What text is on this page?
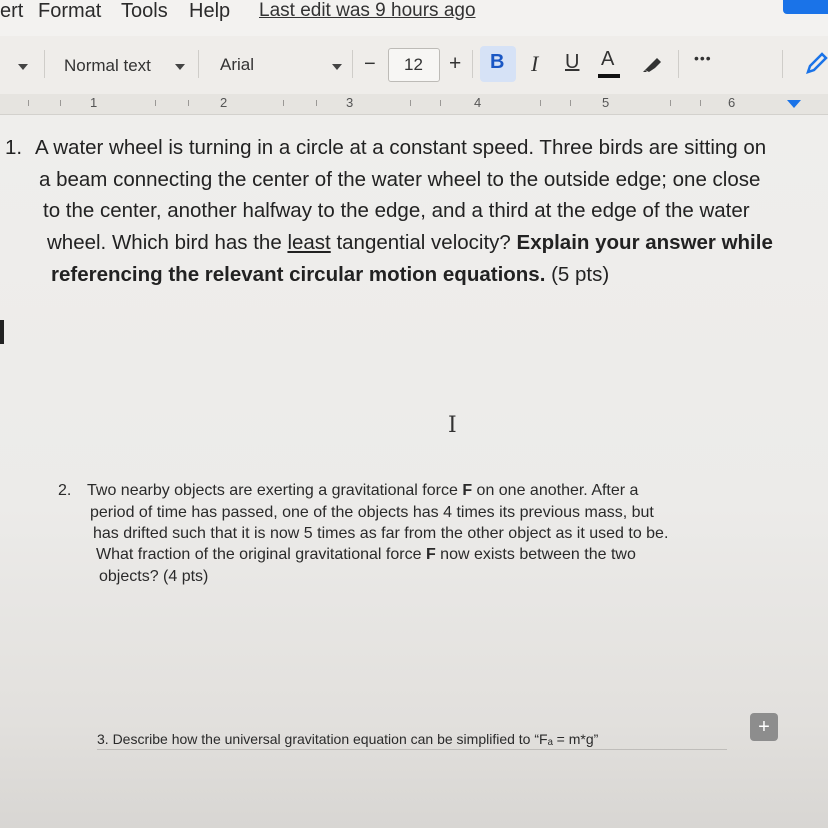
ert Format Tools Help Last edit was 9 hours ago
Normal text	Arial	− 12 + B I U A	•••
1	2	3	4	5	6
1. A water wheel is turning in a circle at a constant speed. Three birds are sitting on
a beam connecting the center of the water wheel to the outside edge; one close
to the center, another halfway to the edge, and a third at the edge of the water
wheel. Which bird has the least tangential velocity? Explain your answer while
referencing the relevant circular motion equations. (5 pts)
I
2. Two nearby objects are exerting a gravitational force F on one another. After a
period of time has passed, one of the objects has 4 times its previous mass, but
has drifted such that it is now 5 times as far from the other object as it used to be.
What fraction of the original gravitational force F now exists between the two
objects? (4 pts)
3. Describe how the universal gravitation equation can be simplified to “Fₐ = m*g”
+
